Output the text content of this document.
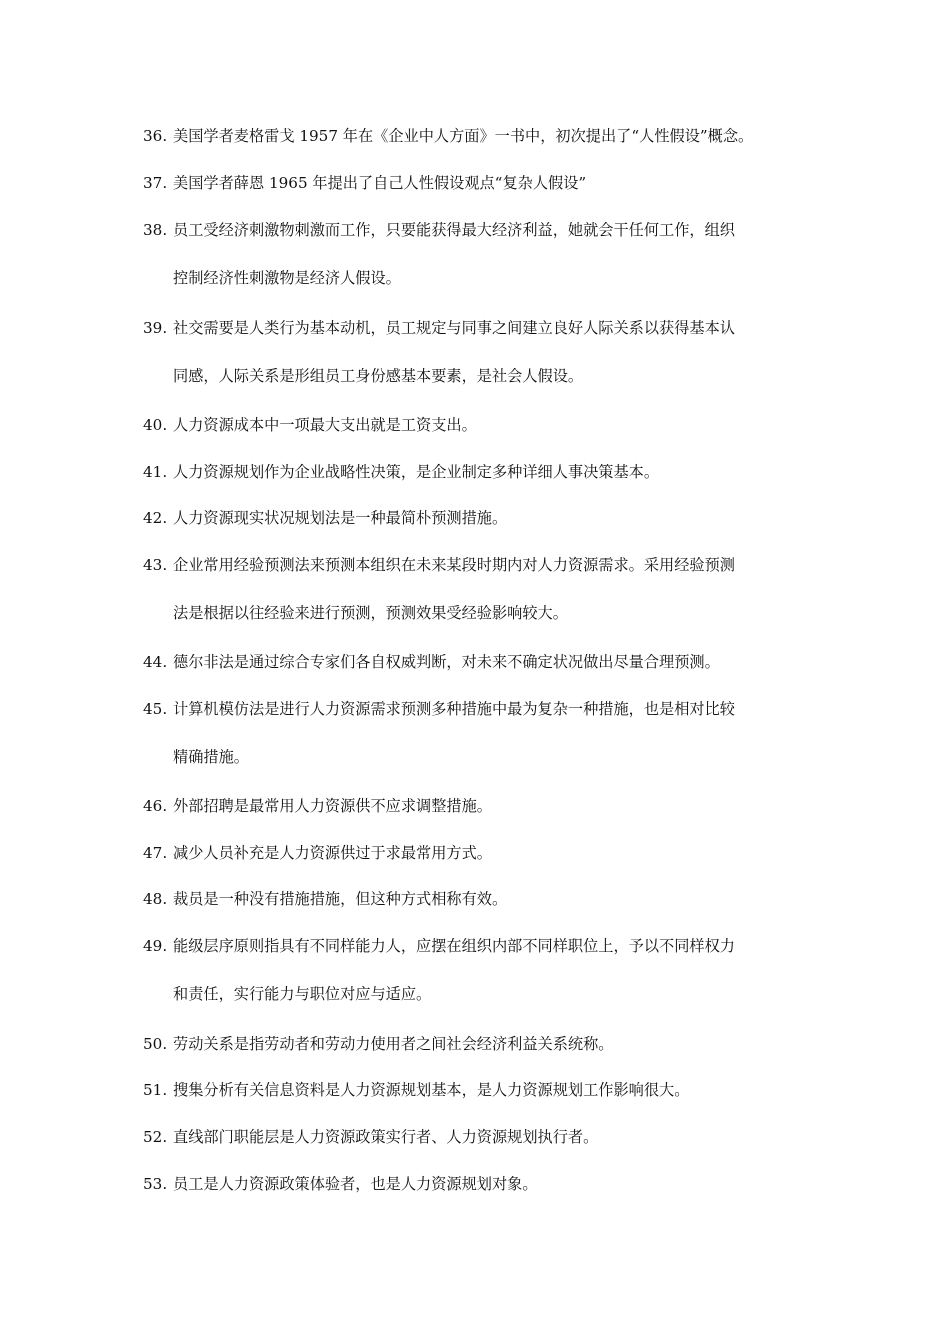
36. 美国学者麦格雷戈 1957 年在《企业中人方面》一书中，初次提出了“人性假设”概念。
37. 美国学者薛恩 1965 年提出了自己人性假设观点“复杂人假设”
38. 员工受经济刺激物刺激而工作，只要能获得最大经济利益，她就会干任何工作，组织
控制经济性刺激物是经济人假设。
39. 社交需要是人类行为基本动机，员工规定与同事之间建立良好人际关系以获得基本认
同感，人际关系是形组员工身份感基本要素，是社会人假设。
40. 人力资源成本中一项最大支出就是工资支出。
41. 人力资源规划作为企业战略性决策，是企业制定多种详细人事决策基本。
42. 人力资源现实状况规划法是一种最简朴预测措施。
43. 企业常用经验预测法来预测本组织在未来某段时期内对人力资源需求。采用经验预测
法是根据以往经验来进行预测，预测效果受经验影响较大。
44. 德尔非法是通过综合专家们各自权威判断，对未来不确定状况做出尽量合理预测。
45. 计算机模仿法是进行人力资源需求预测多种措施中最为复杂一种措施，也是相对比较
精确措施。
46. 外部招聘是最常用人力资源供不应求调整措施。
47. 减少人员补充是人力资源供过于求最常用方式。
48. 裁员是一种没有措施措施，但这种方式相称有效。
49. 能级层序原则指具有不同样能力人，应摆在组织内部不同样职位上，予以不同样权力
和责任，实行能力与职位对应与适应。
50. 劳动关系是指劳动者和劳动力使用者之间社会经济利益关系统称。
51. 搜集分析有关信息资料是人力资源规划基本，是人力资源规划工作影响很大。
52. 直线部门职能层是人力资源政策实行者、人力资源规划执行者。
53. 员工是人力资源政策体验者，也是人力资源规划对象。
